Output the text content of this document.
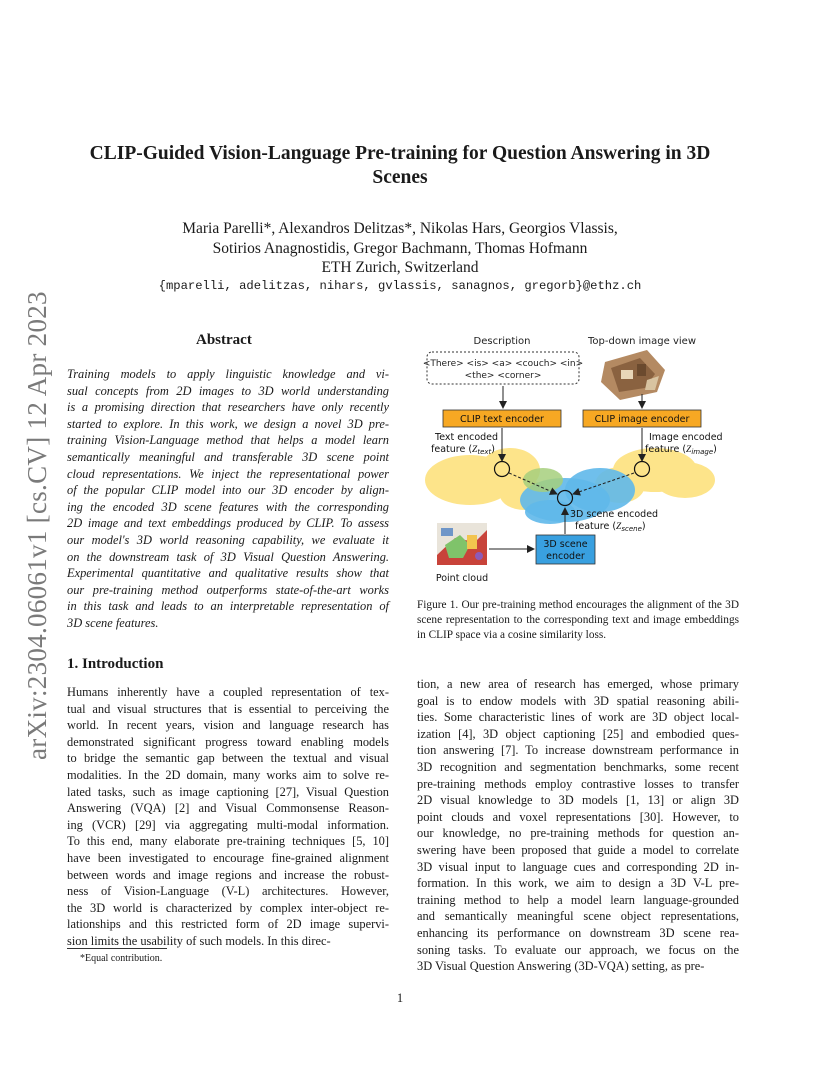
arXiv:2304.06061v1 [cs.CV] 12 Apr 2023
CLIP-Guided Vision-Language Pre-training for Question Answering in 3D
Scenes
Maria Parelli*, Alexandros Delitzas*, Nikolas Hars, Georgios Vlassis,
Sotirios Anagnostidis, Gregor Bachmann, Thomas Hofmann
ETH Zurich, Switzerland
{mparelli, adelitzas, nihars, gvlassis, sanagnos, gregorb}@ethz.ch
Abstract
Training models to apply linguistic knowledge and vi-
sual concepts from 2D images to 3D world understanding
is a promising direction that researchers have only recently
started to explore. In this work, we design a novel 3D pre-
training Vision-Language method that helps a model learn
semantically meaningful and transferable 3D scene point
cloud representations. We inject the representational power
of the popular CLIP model into our 3D encoder by align-
ing the encoded 3D scene features with the corresponding
2D image and text embeddings produced by CLIP. To assess
our model's 3D world reasoning capability, we evaluate it
on the downstream task of 3D Visual Question Answering.
Experimental quantitative and qualitative results show that
our pre-training method outperforms state-of-the-art works
in this task and leads to an interpretable representation of
3D scene features.
1. Introduction
Humans inherently have a coupled representation of tex-
tual and visual structures that is essential to perceiving the
world. In recent years, vision and language research has
demonstrated significant progress toward enabling models
to bridge the semantic gap between the textual and visual
modalities. In the 2D domain, many works aim to solve re-
lated tasks, such as image captioning [27], Visual Question
Answering (VQA) [2] and Visual Commonsense Reason-
ing (VCR) [29] via aggregating multi-modal information.
To this end, many elaborate pre-training techniques [5, 10]
have been investigated to encourage fine-grained alignment
between words and image regions and increase the robust-
ness of Vision-Language (V-L) architectures. However,
the 3D world is characterized by complex inter-object re-
lationships and this restricted form of 2D image supervi-
sion limits the usability of such models. In this direc-
tion, a new area of research has emerged, whose primary
goal is to endow models with 3D spatial reasoning abili-
ties. Some characteristic lines of work are 3D object local-
ization [4], 3D object captioning [25] and embodied ques-
tion answering [7]. To increase downstream performance in
3D recognition and segmentation benchmarks, some recent
pre-training methods employ contrastive losses to transfer
2D visual knowledge to 3D models [1, 13] or align 3D
point clouds and voxel representations [30]. However, to
our knowledge, no pre-training methods for question an-
swering have been proposed that guide a model to correlate
3D visual input to language cues and corresponding 2D in-
formation. In this work, we aim to design a 3D V-L pre-
training method to help a model learn language-grounded
and semantically meaningful scene object representations,
enhancing its performance on downstream 3D scene rea-
soning tasks. To evaluate our approach, we focus on the
3D Visual Question Answering (3D-VQA) setting, as pre-
*Equal contribution.
1
Description	Top-down image view
<There> <is> <a> <couch> <in>
<the> <corner>
CLIP text encoder	CLIP image encoder
Text encoded
feature $(Z_{text})$
Image encoded
feature $(Z_{image})$
3D scene encoded
feature $(Z_{scene})$
3D scene
encoder
Point cloud
Figure 1. Our pre-training method encourages the alignment of the 3D scene representation to the corresponding text and image embeddings in CLIP space via a cosine similarity loss.
